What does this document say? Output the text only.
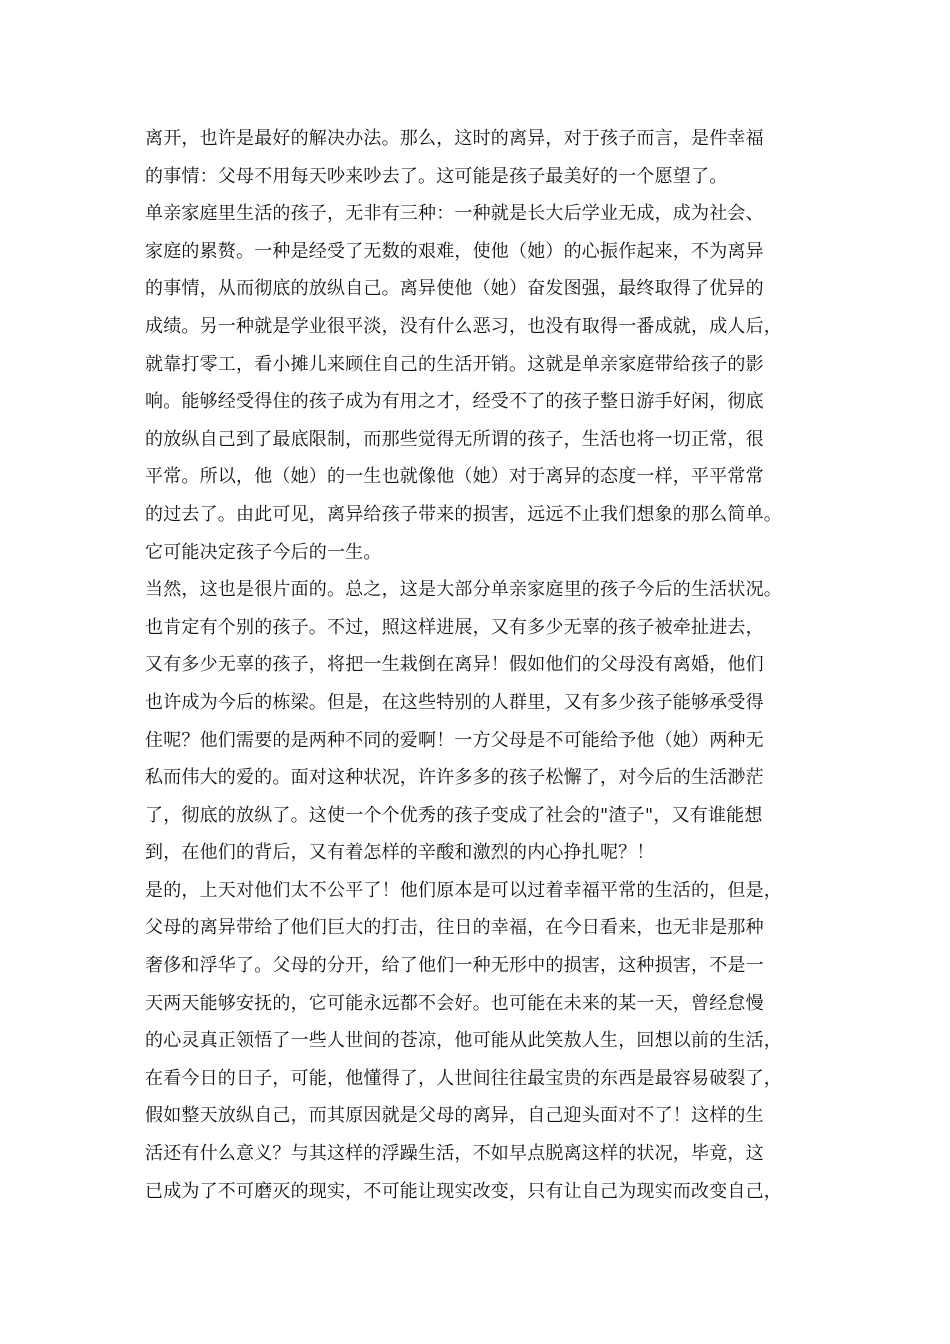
离开，也许是最好的解决办法。那么，这时的离异，对于孩子而言，是件幸福
的事情：父母不用每天吵来吵去了。这可能是孩子最美好的一个愿望了。
单亲家庭里生活的孩子，无非有三种：一种就是长大后学业无成，成为社会、
家庭的累赘。一种是经受了无数的艰难，使他（她）的心振作起来，不为离异
的事情，从而彻底的放纵自己。离异使他（她）奋发图强，最终取得了优异的
成绩。另一种就是学业很平淡，没有什么恶习，也没有取得一番成就，成人后，
就靠打零工，看小摊儿来顾住自己的生活开销。这就是单亲家庭带给孩子的影
响。能够经受得住的孩子成为有用之才，经受不了的孩子整日游手好闲，彻底
的放纵自己到了最底限制，而那些觉得无所谓的孩子，生活也将一切正常，很
平常。所以，他（她）的一生也就像他（她）对于离异的态度一样，平平常常
的过去了。由此可见，离异给孩子带来的损害，远远不止我们想象的那么简单。
它可能决定孩子今后的一生。
当然，这也是很片面的。总之，这是大部分单亲家庭里的孩子今后的生活状况。
也肯定有个别的孩子。不过，照这样进展，又有多少无辜的孩子被牵扯进去，
又有多少无辜的孩子，将把一生栽倒在离异！假如他们的父母没有离婚，他们
也许成为今后的栋梁。但是，在这些特别的人群里，又有多少孩子能够承受得
住呢？他们需要的是两种不同的爱啊！一方父母是不可能给予他（她）两种无
私而伟大的爱的。面对这种状况，许许多多的孩子松懈了，对今后的生活渺茫
了，彻底的放纵了。这使一个个优秀的孩子变成了社会的"渣子"，又有谁能想
到，在他们的背后，又有着怎样的辛酸和激烈的内心挣扎呢？！
是的，上天对他们太不公平了！他们原本是可以过着幸福平常的生活的，但是，
父母的离异带给了他们巨大的打击，往日的幸福，在今日看来，也无非是那种
奢侈和浮华了。父母的分开，给了他们一种无形中的损害，这种损害，不是一
天两天能够安抚的，它可能永远都不会好。也可能在未来的某一天，曾经怠慢
的心灵真正领悟了一些人世间的苍凉，他可能从此笑敖人生，回想以前的生活，
在看今日的日子，可能，他懂得了，人世间往往最宝贵的东西是最容易破裂了，
假如整天放纵自己，而其原因就是父母的离异，自己迎头面对不了！这样的生
活还有什么意义？与其这样的浮躁生活，不如早点脱离这样的状况，毕竟，这
已成为了不可磨灭的现实，不可能让现实改变，只有让自己为现实而改变自己，
